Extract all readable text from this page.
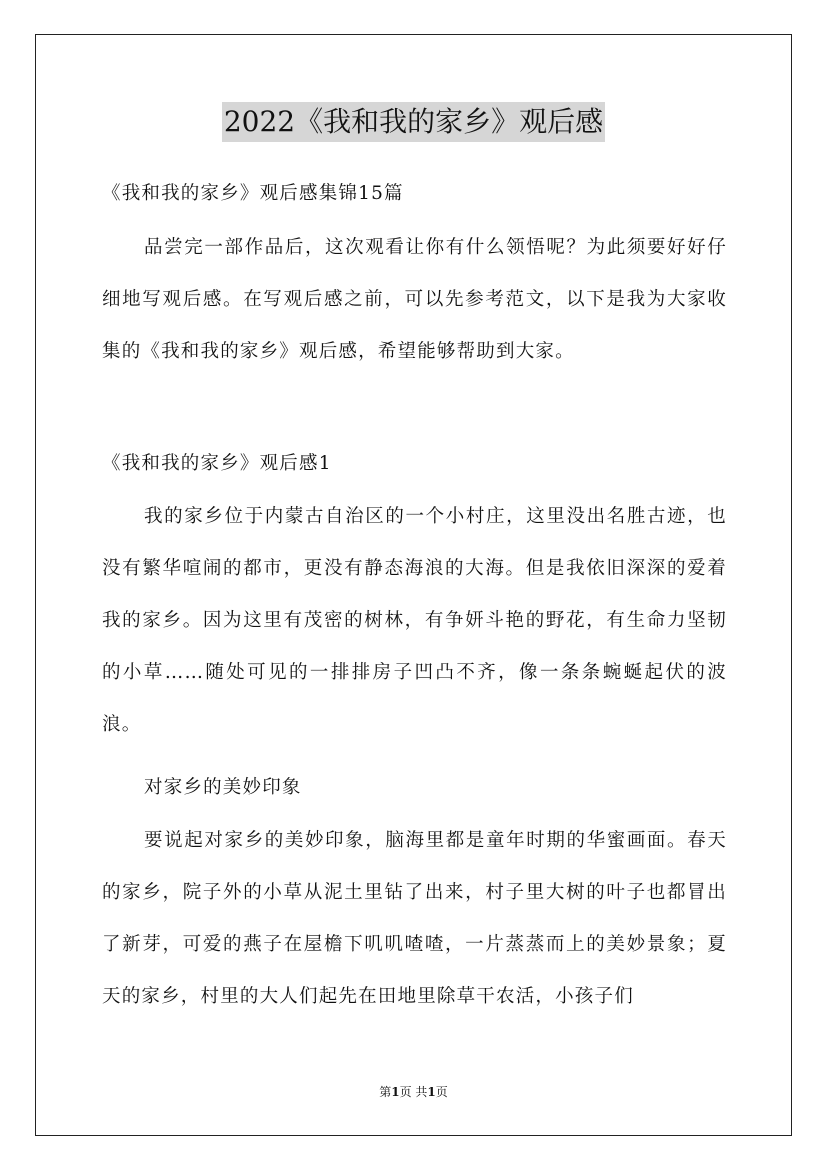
2022《我和我的家乡》观后感
《我和我的家乡》观后感集锦15篇
品尝完一部作品后，这次观看让你有什么领悟呢？为此须要好好仔细地写观后感。在写观后感之前，可以先参考范文，以下是我为大家收集的《我和我的家乡》观后感，希望能够帮助到大家。
《我和我的家乡》观后感1
我的家乡位于内蒙古自治区的一个小村庄，这里没出名胜古迹，也没有繁华喧闹的都市，更没有静态海浪的大海。但是我依旧深深的爱着我的家乡。因为这里有茂密的树林，有争妍斗艳的野花，有生命力坚韧的小草……随处可见的一排排房子凹凸不齐，像一条条蜿蜒起伏的波浪。
对家乡的美妙印象
要说起对家乡的美妙印象，脑海里都是童年时期的华蜜画面。春天的家乡，院子外的小草从泥土里钻了出来，村子里大树的叶子也都冒出了新芽，可爱的燕子在屋檐下叽叽喳喳，一片蒸蒸而上的美妙景象；夏天的家乡，村里的大人们起先在田地里除草干农活，小孩子们
第1页 共1页
